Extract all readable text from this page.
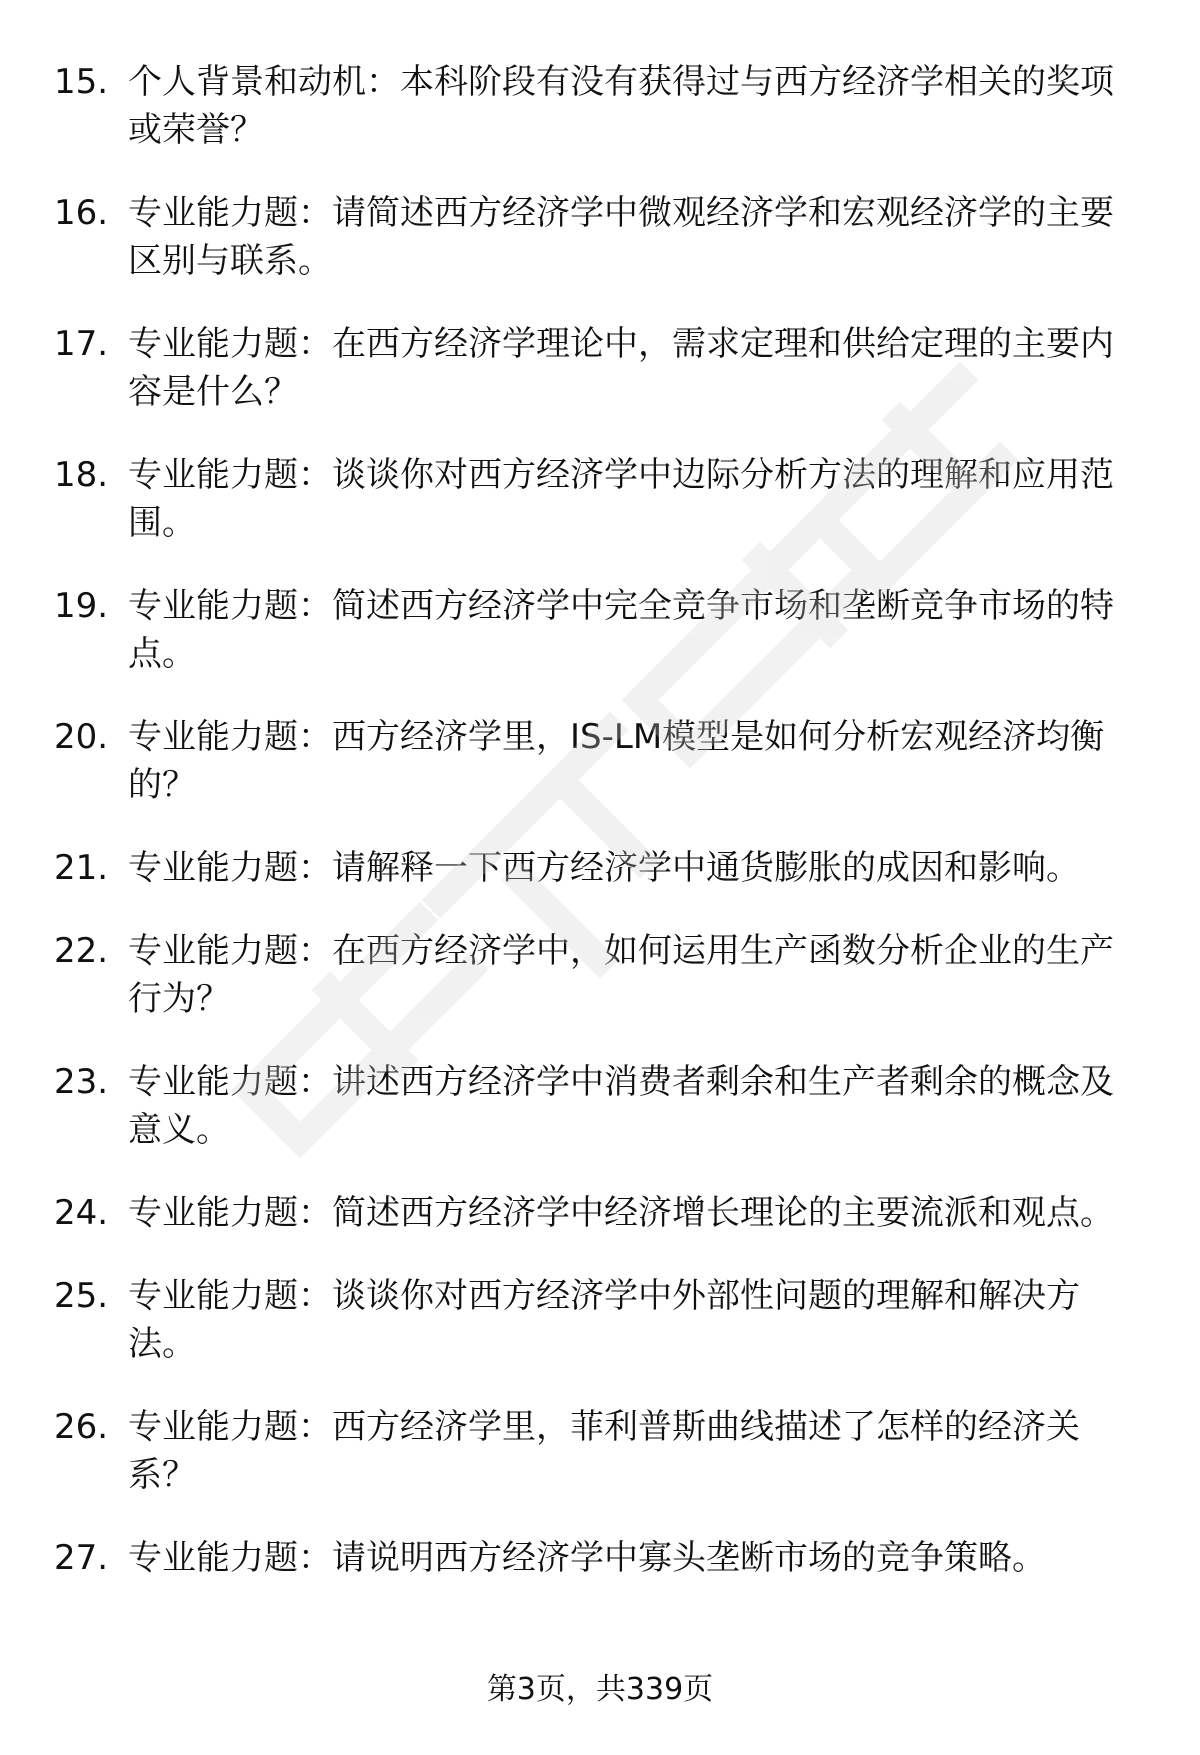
15. 个人背景和动机：本科阶段有没有获得过与西方经济学相关的奖项或荣誉？
16. 专业能力题：请简述西方经济学中微观经济学和宏观经济学的主要区别与联系。
17. 专业能力题：在西方经济学理论中，需求定理和供给定理的主要内容是什么？
18. 专业能力题：谈谈你对西方经济学中边际分析方法的理解和应用范围。
19. 专业能力题：简述西方经济学中完全竞争市场和垄断竞争市场的特点。
20. 专业能力题：西方经济学里，IS-LM模型是如何分析宏观经济均衡的？
21. 专业能力题：请解释一下西方经济学中通货膨胀的成因和影响。
22. 专业能力题：在西方经济学中，如何运用生产函数分析企业的生产行为？
23. 专业能力题：讲述西方经济学中消费者剩余和生产者剩余的概念及意义。
24. 专业能力题：简述西方经济学中经济增长理论的主要流派和观点。
25. 专业能力题：谈谈你对西方经济学中外部性问题的理解和解决方法。
26. 专业能力题：西方经济学里，菲利普斯曲线描述了怎样的经济关系？
27. 专业能力题：请说明西方经济学中寡头垄断市场的竞争策略。
第3页，共339页
